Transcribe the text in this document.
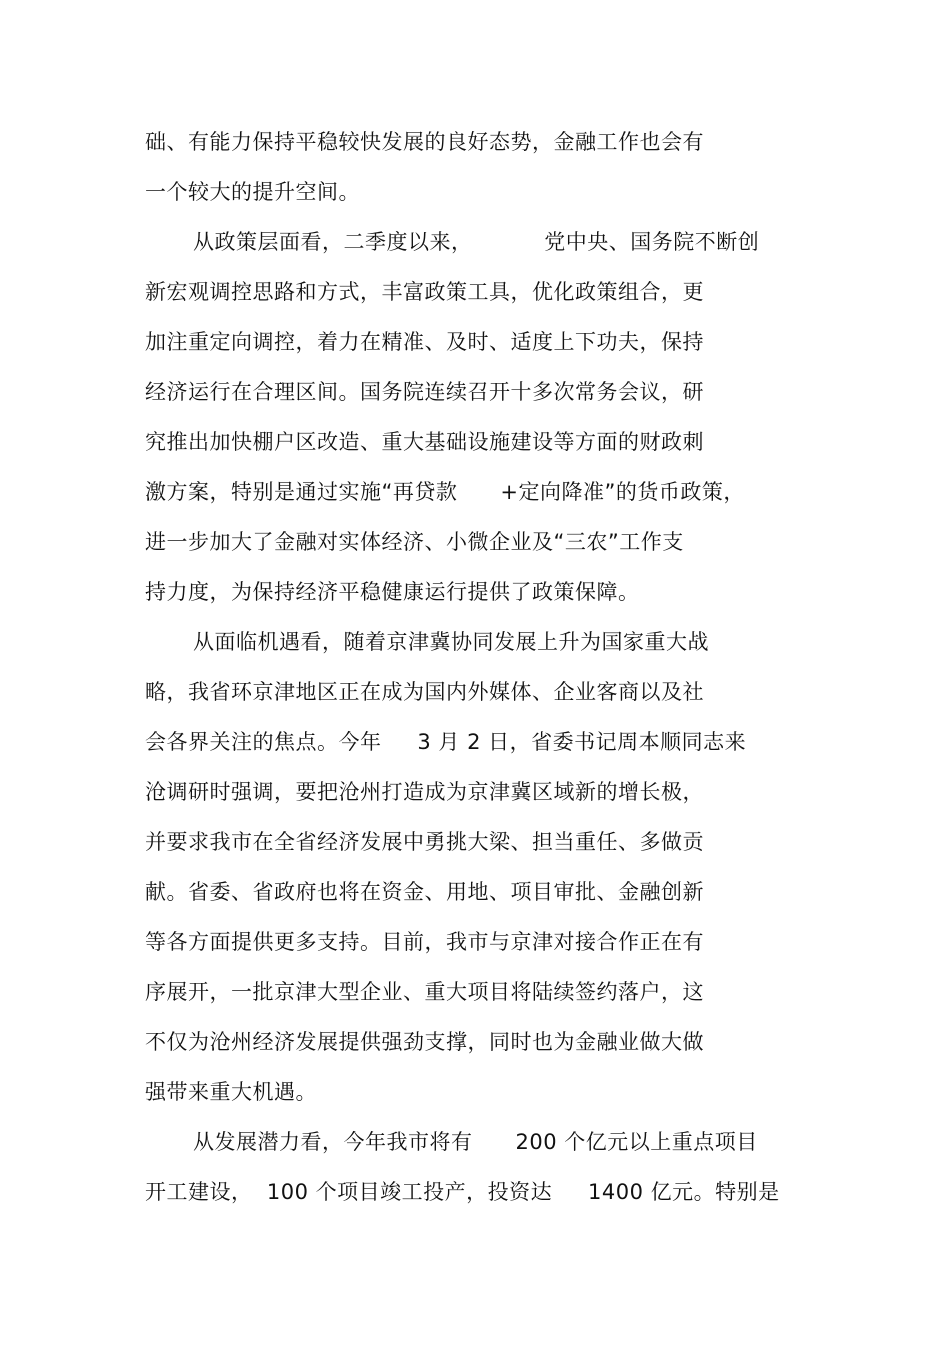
础、有能力保持平稳较快发展的良好态势，金融工作也会有
一个较大的提升空间。
从政策层面看，二季度以来，          党中央、国务院不断创
新宏观调控思路和方式，丰富政策工具，优化政策组合，更
加注重定向调控，着力在精准、及时、适度上下功夫，保持
经济运行在合理区间。国务院连续召开十多次常务会议，研
究推出加快棚户区改造、重大基础设施建设等方面的财政刺
激方案，特别是通过实施“再贷款      +定向降准”的货币政策，
进一步加大了金融对实体经济、小微企业及“三农”工作支
持力度，为保持经济平稳健康运行提供了政策保障。
从面临机遇看，随着京津冀协同发展上升为国家重大战
略，我省环京津地区正在成为国内外媒体、企业客商以及社
会各界关注的焦点。今年     3 月 2 日，省委书记周本顺同志来
沧调研时强调，要把沧州打造成为京津冀区域新的增长极，
并要求我市在全省经济发展中勇挑大梁、担当重任、多做贡
献。省委、省政府也将在资金、用地、项目审批、金融创新
等各方面提供更多支持。目前，我市与京津对接合作正在有
序展开，一批京津大型企业、重大项目将陆续签约落户，这
不仅为沧州经济发展提供强劲支撑，同时也为金融业做大做
强带来重大机遇。
从发展潜力看，今年我市将有      200 个亿元以上重点项目
开工建设，  100 个项目竣工投产，投资达     1400 亿元。特别是
